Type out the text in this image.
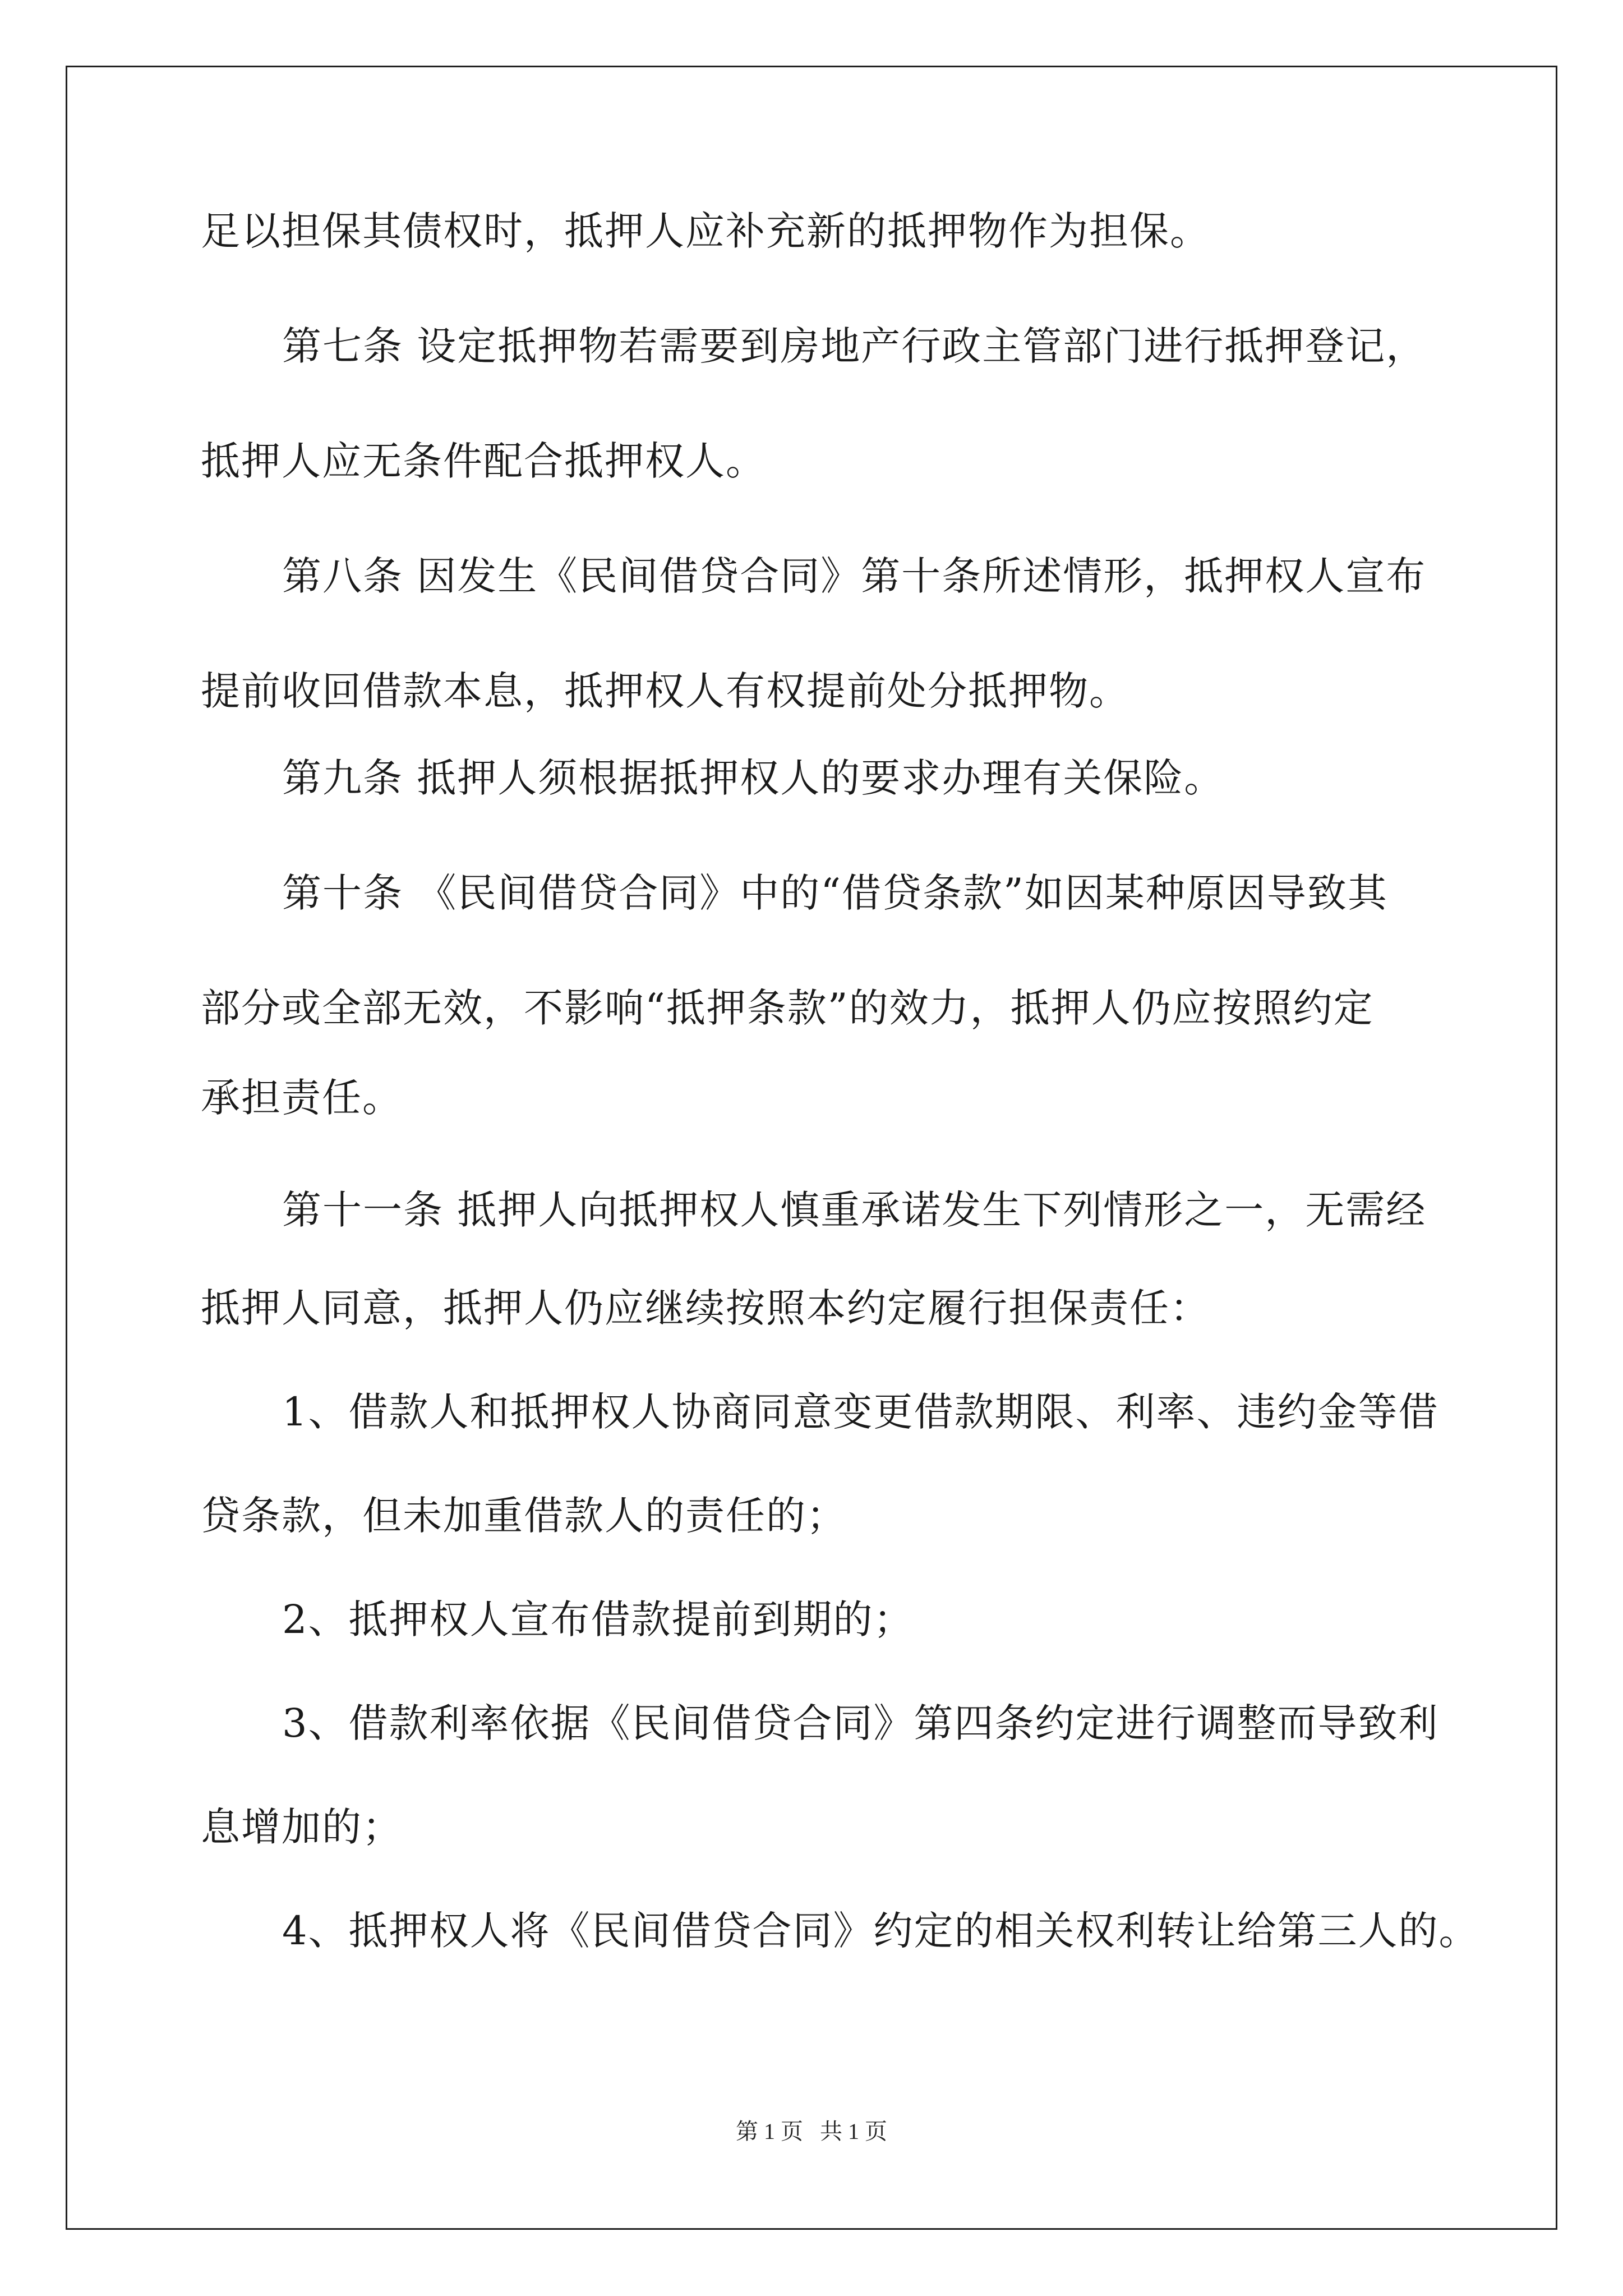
足以担保其债权时，抵押人应补充新的抵押物作为担保。
第七条 设定抵押物若需要到房地产行政主管部门进行抵押登记，
抵押人应无条件配合抵押权人。
第八条 因发生《民间借贷合同》第十条所述情形，抵押权人宣布
提前收回借款本息，抵押权人有权提前处分抵押物。
第九条 抵押人须根据抵押权人的要求办理有关保险。
第十条 《民间借贷合同》中的“借贷条款”如因某种原因导致其
部分或全部无效，不影响“抵押条款”的效力，抵押人仍应按照约定
承担责任。
第十一条 抵押人向抵押权人慎重承诺发生下列情形之一，无需经
抵押人同意，抵押人仍应继续按照本约定履行担保责任：
1、借款人和抵押权人协商同意变更借款期限、利率、违约金等借
贷条款，但未加重借款人的责任的；
2、抵押权人宣布借款提前到期的；
3、借款利率依据《民间借贷合同》第四条约定进行调整而导致利
息增加的；
4、抵押权人将《民间借贷合同》约定的相关权利转让给第三人的。
第 1 页   共 1 页
